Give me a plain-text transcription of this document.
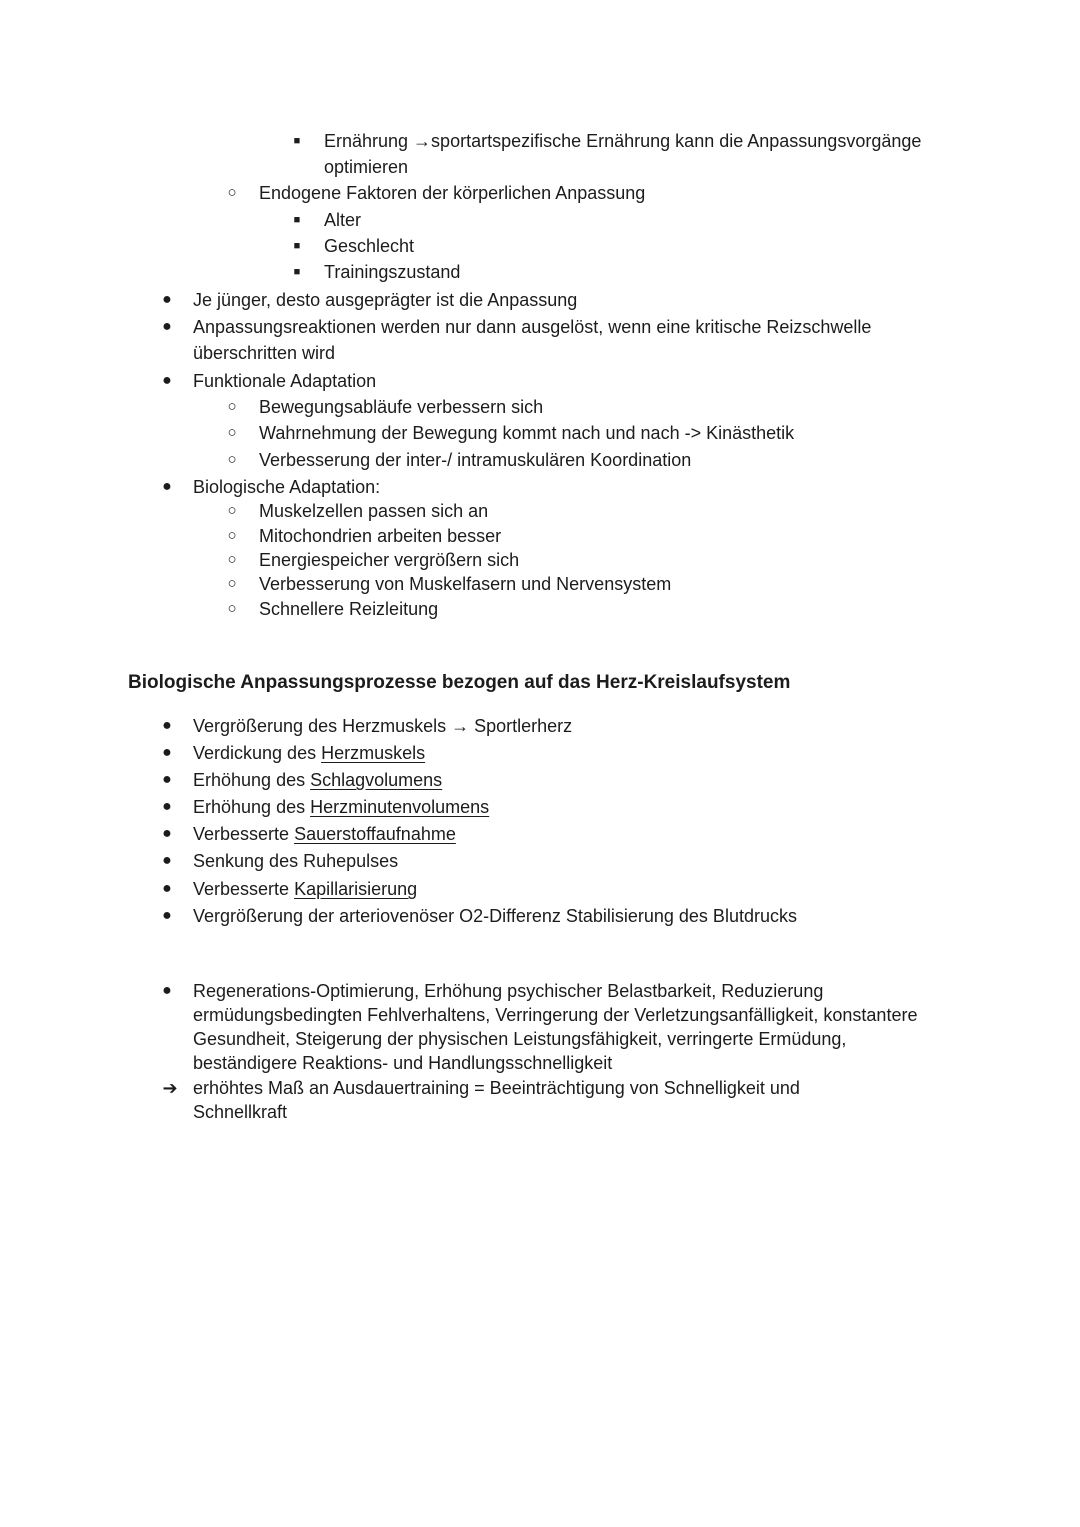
■ Ernährung →sportartspezifische Ernährung kann die Anpassungsvorgänge
optimieren
○ Endogene Faktoren der körperlichen Anpassung
■ Alter
■ Geschlecht
■ Trainingszustand
● Je jünger, desto ausgeprägter ist die Anpassung
● Anpassungsreaktionen werden nur dann ausgelöst, wenn eine kritische Reizschwelle
überschritten wird
● Funktionale Adaptation
○ Bewegungsabläufe verbessern sich
○ Wahrnehmung der Bewegung kommt nach und nach -> Kinästhetik
○ Verbesserung der inter-/ intramuskulären Koordination
● Biologische Adaptation:
○ Muskelzellen passen sich an
○ Mitochondrien arbeiten besser
○ Energiespeicher vergrößern sich
○ Verbesserung von Muskelfasern und Nervensystem
○ Schnellere Reizleitung
Biologische Anpassungsprozesse bezogen auf das Herz-Kreislaufsystem
● Vergrößerung des Herzmuskels → Sportlerherz
● Verdickung des Herzmuskels
● Erhöhung des Schlagvolumens
● Erhöhung des Herzminutenvolumens
● Verbesserte Sauerstoffaufnahme
● Senkung des Ruhepulses
● Verbesserte Kapillarisierung
● Vergrößerung der arteriovenöser O2-Differenz Stabilisierung des Blutdrucks
● Regenerations-Optimierung, Erhöhung psychischer Belastbarkeit, Reduzierung
ermüdungsbedingten Fehlverhaltens, Verringerung der Verletzungsanfälligkeit, konstantere
Gesundheit, Steigerung der physischen Leistungsfähigkeit, verringerte Ermüdung,
beständigere Reaktions- und Handlungsschnelligkeit
➔ erhöhtes Maß an Ausdauertraining = Beeinträchtigung von Schnelligkeit und
Schnellkraft
